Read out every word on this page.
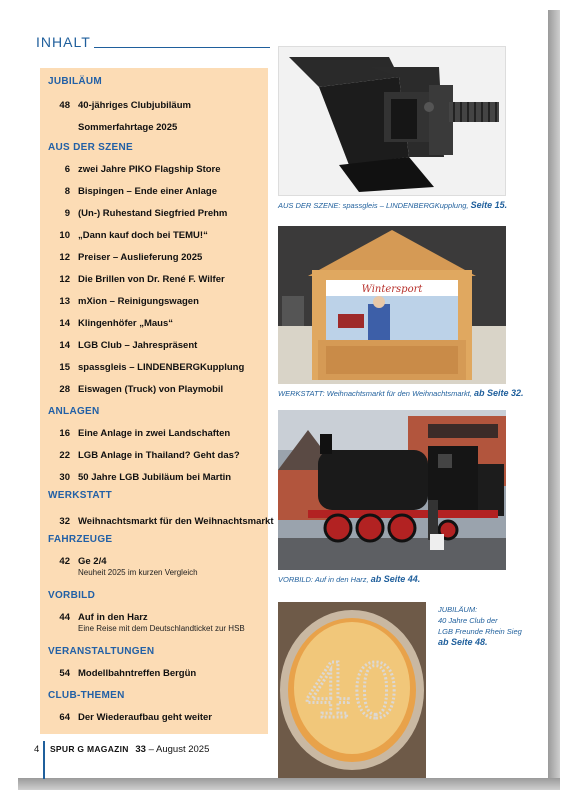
INHALT
JUBILÄUM
48 40-jähriges Clubjubiläum
Sommerfahrtage 2025
AUS DER SZENE
6 zwei Jahre PIKO Flagship Store
8 Bispingen – Ende einer Anlage
9 (Un-) Ruhestand Siegfried Prehm
10 „Dann kauf doch bei TEMU!“
12 Preiser – Auslieferung 2025
12 Die Brillen von Dr. René F. Wilfer
13 mXion – Reinigungswagen
14 Klingenhöfer „Maus“
14 LGB Club – Jahrespräsent
15 spassgleis – LINDENBERGKupplung
28 Eiswagen (Truck) von Playmobil
ANLAGEN
16 Eine Anlage in zwei Landschaften
22 LGB Anlage in Thailand? Geht das?
30 50 Jahre LGB Jubiläum bei Martin
WERKSTATT
32 Weihnachtsmarkt für den Weihnachtsmarkt
FAHRZEUGE
42 Ge 2/4
Neuheit 2025 im kurzen Vergleich
VORBILD
44 Auf in den Harz
Eine Reise mit dem Deutschlandticket zur HSB
VERANSTALTUNGEN
54 Modellbahntreffen Bergün
CLUB-THEMEN
64 Der Wiederaufbau geht weiter
AUS DER SZENE: spassgleis – LINDENBERGKupplung, Seite 15.
Wintersport
WERKSTATT: Weihnachtsmarkt für den Weihnachtsmarkt, ab Seite 32.
VORBILD: Auf in den Harz, ab Seite 44.
40
JUBILÄUM:
40 Jahre Club der
LGB Freunde Rhein Sieg
ab Seite 48.
4 SPUR G MAGAZIN 33 – August 2025
